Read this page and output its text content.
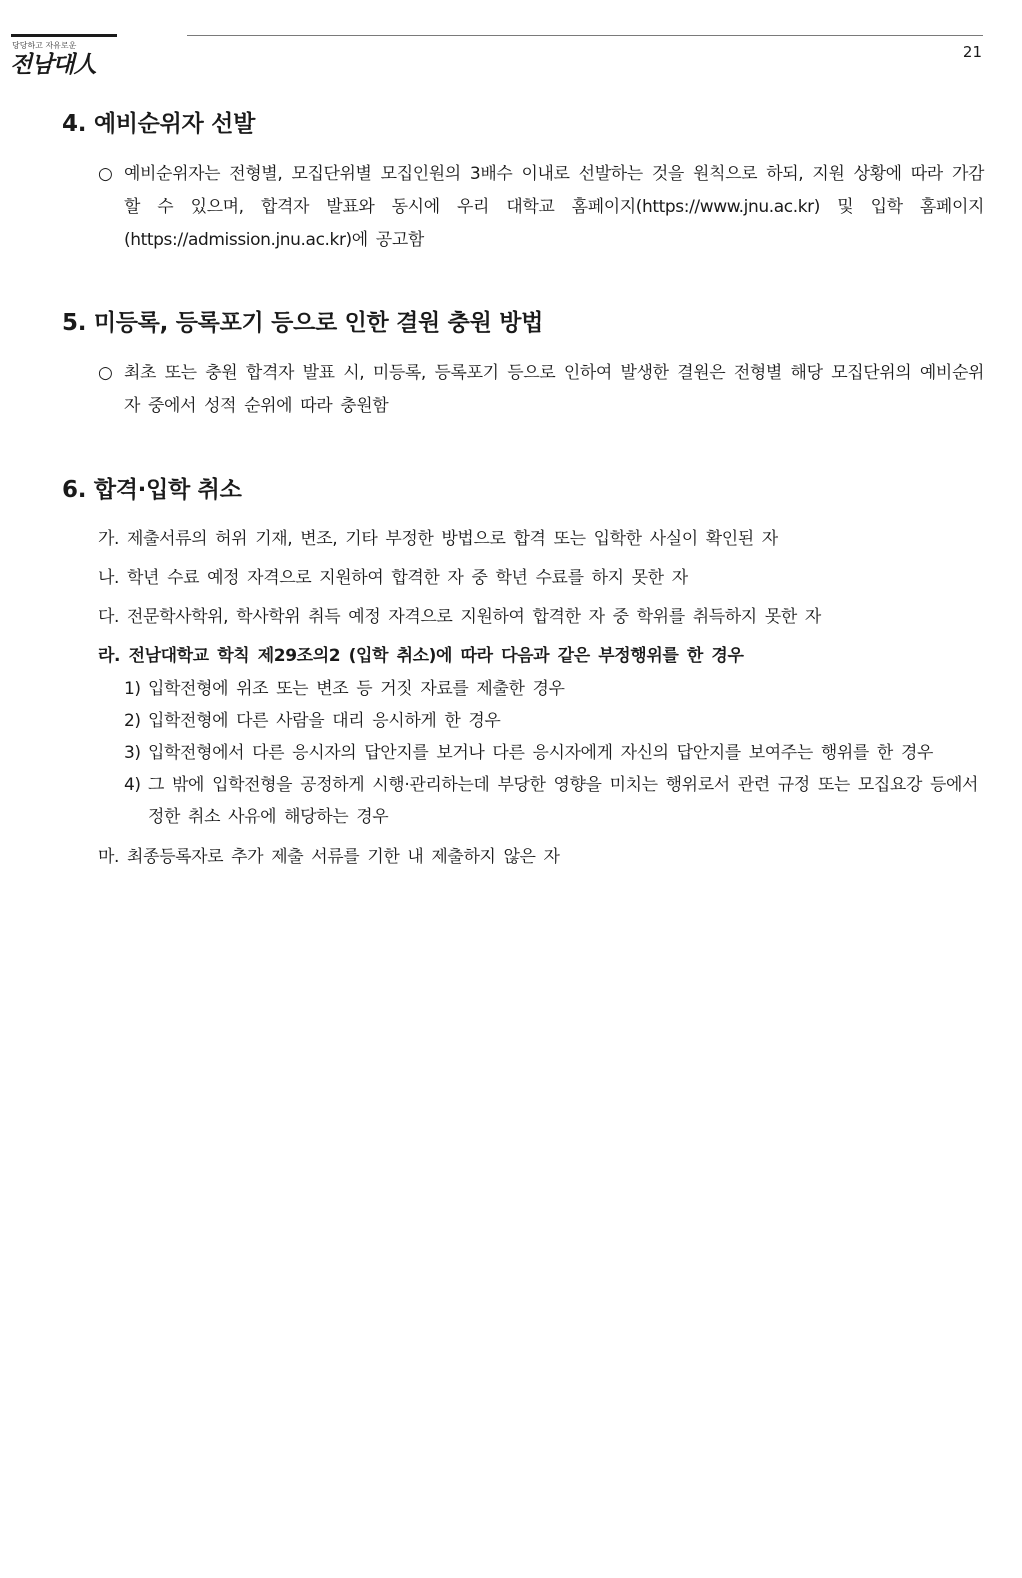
당당하고 자유로운
전남대人	21
4. 예비순위자 선발

○ 예비순위자는 전형별, 모집단위별 모집인원의 3배수 이내로 선발하는 것을 원칙으로 하되, 지원 상황에 따라 가감할 수 있으며, 합격자 발표와 동시에 우리 대학교 홈페이지(https://www.jnu.ac.kr) 및 입학 홈페이지(https://admission.jnu.ac.kr)에 공고함

5. 미등록, 등록포기 등으로 인한 결원 충원 방법

○ 최초 또는 충원 합격자 발표 시, 미등록, 등록포기 등으로 인하여 발생한 결원은 전형별 해당 모집단위의 예비순위자 중에서 성적 순위에 따라 충원함

6. 합격·입학 취소

가. 제출서류의 허위 기재, 변조, 기타 부정한 방법으로 합격 또는 입학한 사실이 확인된 자

나. 학년 수료 예정 자격으로 지원하여 합격한 자 중 학년 수료를 하지 못한 자

다. 전문학사학위, 학사학위 취득 예정 자격으로 지원하여 합격한 자 중 학위를 취득하지 못한 자

라. 전남대학교 학칙 제29조의2 (입학 취소)에 따라 다음과 같은 부정행위를 한 경우

1) 입학전형에 위조 또는 변조 등 거짓 자료를 제출한 경우

2) 입학전형에 다른 사람을 대리 응시하게 한 경우

3) 입학전형에서 다른 응시자의 답안지를 보거나 다른 응시자에게 자신의 답안지를 보여주는 행위를 한 경우

4) 그 밖에 입학전형을 공정하게 시행·관리하는데 부당한 영향을 미치는 행위로서 관련 규정 또는 모집요강 등에서 정한 취소 사유에 해당하는 경우

마. 최종등록자로 추가 제출 서류를 기한 내 제출하지 않은 자
